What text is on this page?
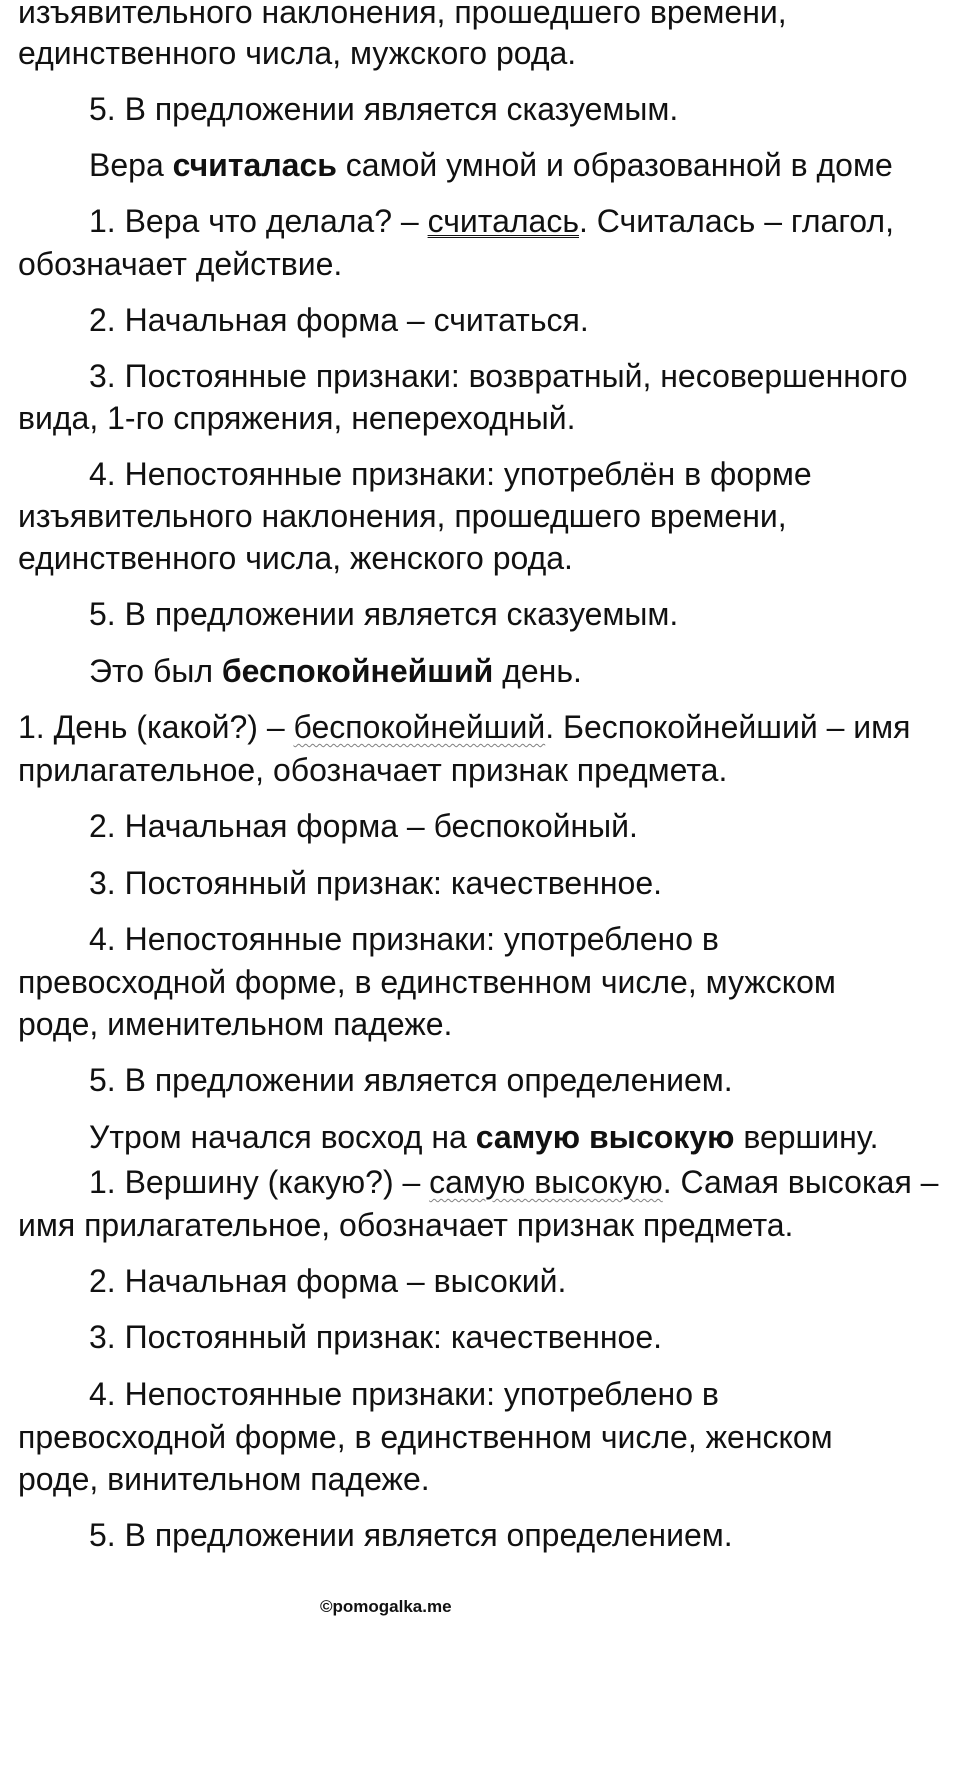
изъявительного наклонения, прошедшего времени,
единственного числа, мужского рода.
5. В предложении является сказуемым.
Вера считалась самой умной и образованной в доме
1. Вера что делала? – считалась. Считалась – глагол,
обозначает действие.
2. Начальная форма – считаться.
3. Постоянные признаки: возвратный, несовершенного
вида, 1-го спряжения, непереходный.
4. Непостоянные признаки: употреблён в форме
изъявительного наклонения, прошедшего времени,
единственного числа, женского рода.
5. В предложении является сказуемым.
Это был беспокойнейший день.
1. День (какой?) – беспокойнейший. Беспокойнейший – имя
прилагательное, обозначает признак предмета.
2. Начальная форма – беспокойный.
3. Постоянный признак: качественное.
4. Непостоянные признаки: употреблено в
превосходной форме, в единственном числе, мужском
роде, именительном падеже.
5. В предложении является определением.
Утром начался восход на самую высокую вершину.
1. Вершину (какую?) – самую высокую. Самая высокая –
имя прилагательное, обозначает признак предмета.
2. Начальная форма – высокий.
3. Постоянный признак: качественное.
4. Непостоянные признаки: употреблено в
превосходной форме, в единственном числе, женском
роде, винительном падеже.
5. В предложении является определением.
©pomogalka.me
